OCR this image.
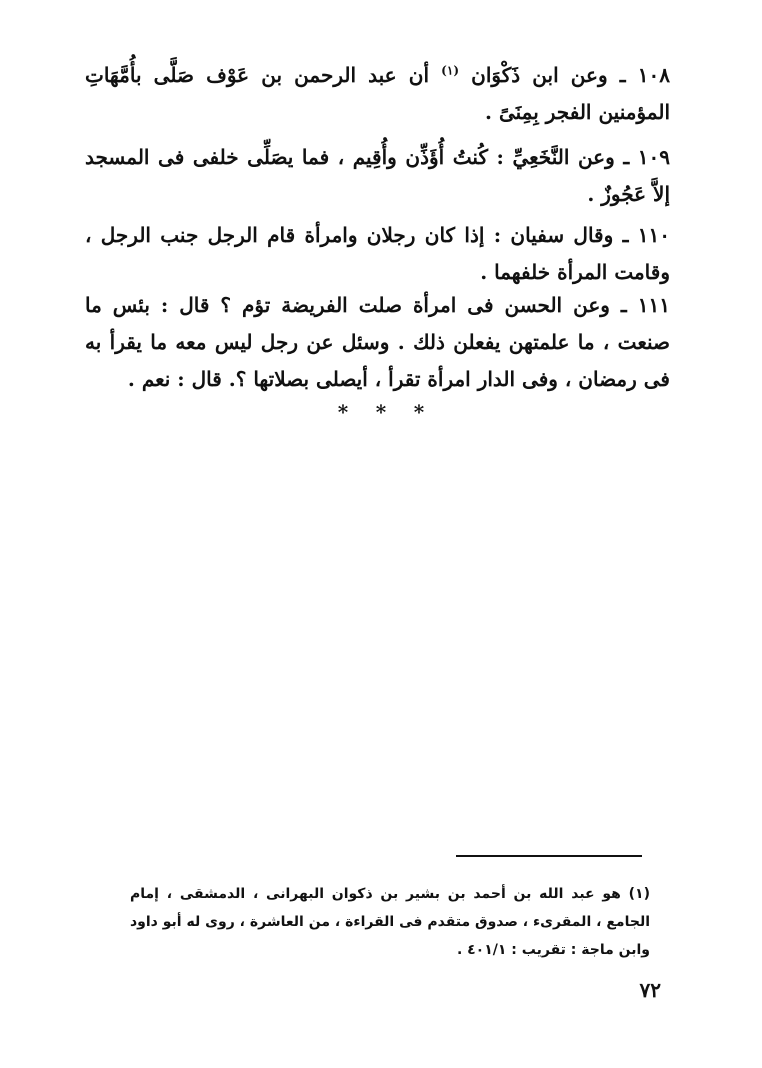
١٠٨ ـ وعن ابن ذَكْوَان $^{(١)}$ أن عبد الرحمن بن عَوْف صَلَّى بأُمَّهَاتِ المؤمنين الفجر بِمِنَىً .

١٠٩ ـ وعن النَّخَعِيِّ : كُنتُ أُؤَذِّن وأُقِيم ، فما يصَلِّى خلفى فى المسجد إلاَّ عَجُوزٌ .

١١٠ ـ وقال سفيان : إذا كان رجلان وامرأة قام الرجل جنب الرجل ، وقامت المرأة خلفهما .

١١١ ـ وعن الحسن فى امرأة صلت الفريضة تؤم ؟ قال : بئس ما صنعت ، ما علمتهن يفعلن ذلك . وسئل عن رجل ليس معه ما يقرأ به فى رمضان ، وفى الدار امرأة تقرأ ، أيصلى بصلاتها ؟. قال : نعم .

***

(١) هو عبد الله بن أحمد بن بشير بن ذكوان البهرانى ، الدمشقى ، إمام الجامع ، المقرىء ، صدوق متقدم فى القراءة ، من العاشرة ، روى له أبو داود وابن ماجة : تقريب : ٤٠١/١ .

٧٢
